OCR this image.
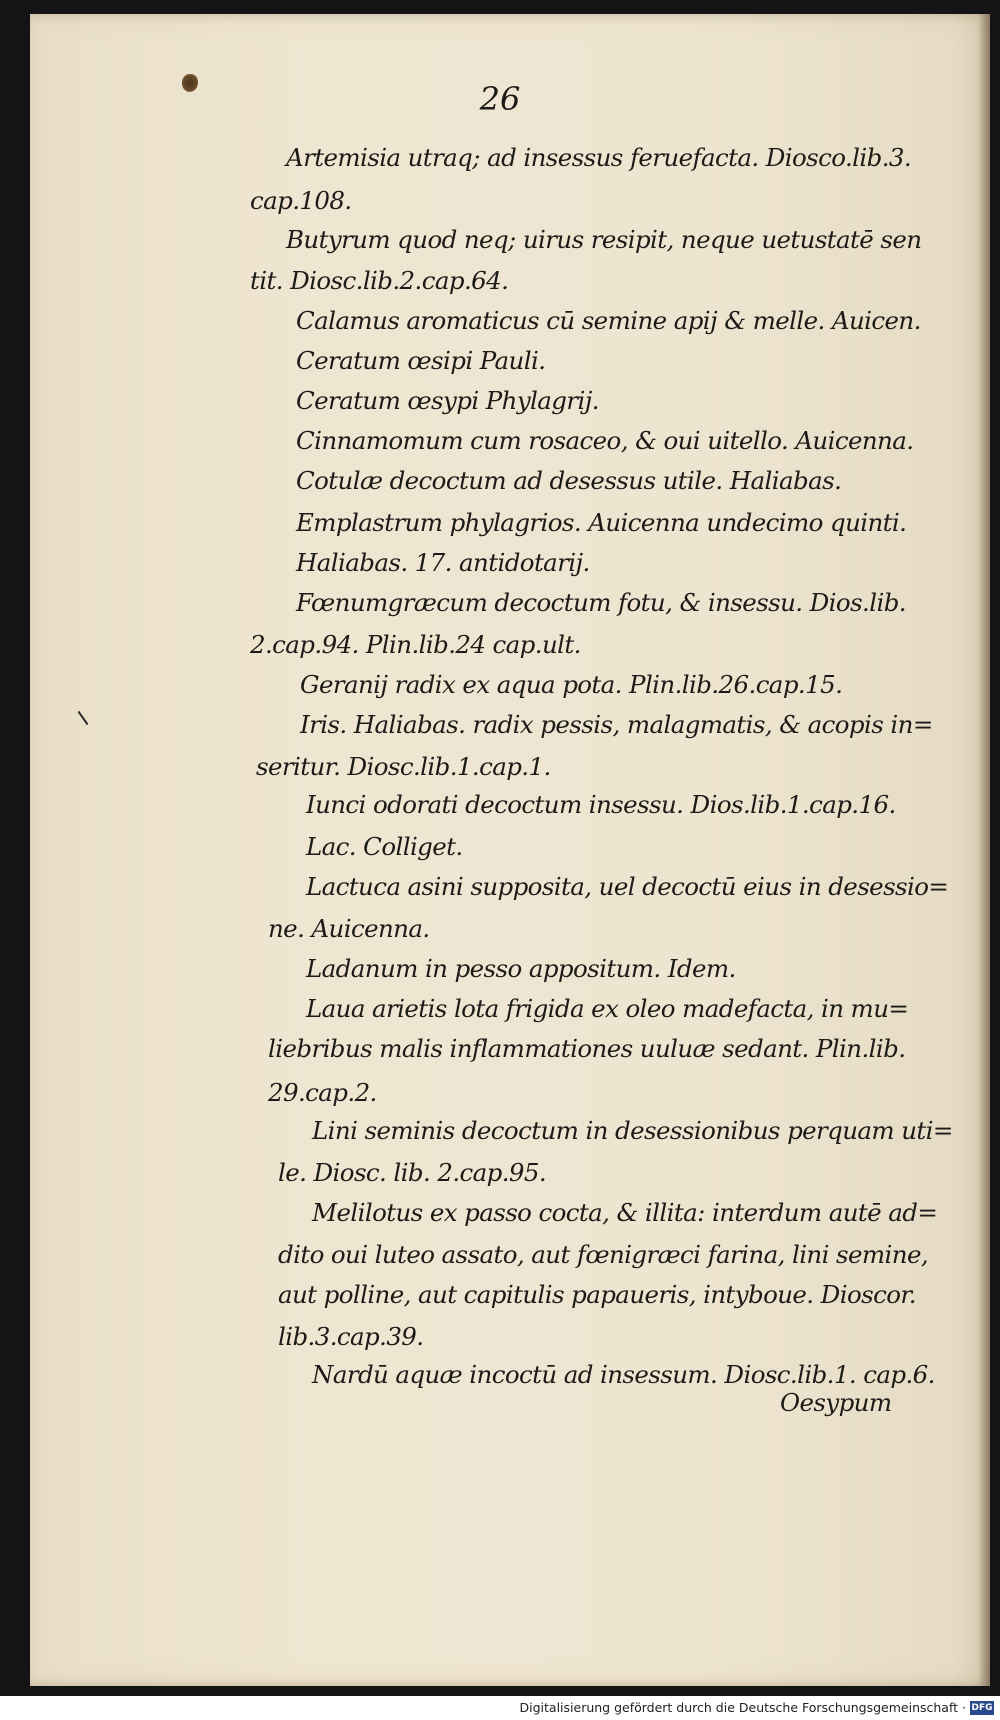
26
Artemisia utraq; ad insessus feruefacta. Diosco.lib.3.
cap.108.
Butyrum quod neq; uirus resipit, neque uetustatē sen
tit. Diosc.lib.2.cap.64.
Calamus aromaticus cū semine apij & melle. Auicen.
Ceratum œsipi Pauli.
Ceratum œsypi Phylagrij.
Cinnamomum cum rosaceo, & oui uitello. Auicenna.
Cotulæ decoctum ad desessus utile. Haliabas.
Emplastrum phylagrios. Auicenna undecimo quinti.
Haliabas. 17. antidotarij.
Fœnumgræcum decoctum fotu, & insessu. Dios.lib.
2.cap.94. Plin.lib.24 cap.ult.
Geranij radix ex aqua pota. Plin.lib.26.cap.15.
Iris. Haliabas. radix pessis, malagmatis, & acopis in=
seritur. Diosc.lib.1.cap.1.
Iunci odorati decoctum insessu. Dios.lib.1.cap.16.
Lac. Colliget.
Lactuca asini supposita, uel decoctū eius in desessio=
ne. Auicenna.
Ladanum in pesso appositum. Idem.
Laua arietis lota frigida ex oleo madefacta, in mu=
liebribus malis inflammationes uuluæ sedant. Plin.lib.
29.cap.2.
Lini seminis decoctum in desessionibus perquam uti=
le. Diosc. lib. 2.cap.95.
Melilotus ex passo cocta, & illita: interdum autē ad=
dito oui luteo assato, aut fœnigræci farina, lini semine,
aut polline, aut capitulis papaueris, intyboue. Dioscor.
lib.3.cap.39.
Nardū aquæ incoctū ad insessum. Diosc.lib.1. cap.6.
Oesypum
Digitalisierung gefördert durch die Deutsche Forschungsgemeinschaft · DFG
